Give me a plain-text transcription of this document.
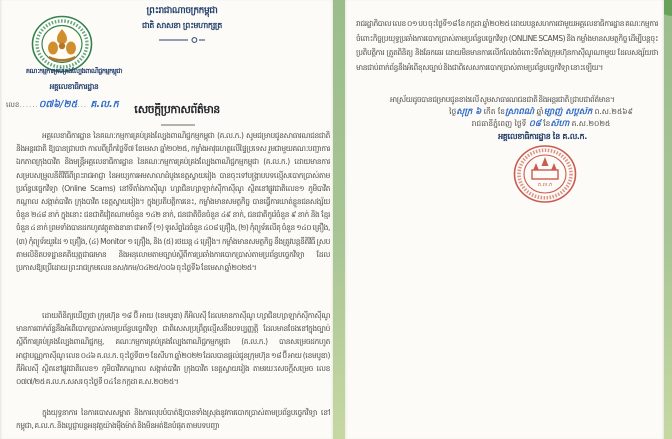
ព្រះរាជាណាចក្រកម្ពុជា
ជាតិ សាសនា ព្រះមហាក្សត្រ
គណៈកម្មការគ្រប់គ្រងល្បែងពាណិជ្ជកម្មកម្ពុជា
អគ្គលេខាធិការដ្ឋាន
លេខ......០៧៦/២៥... គ.ល.ក	សេចក្តីប្រកាសព័ត៌មាន
អគ្គលេខាធិការដ្ឋាន នៃគណៈកម្មការគ្រប់គ្រងល្បែងពាណិជ្ជកម្មកម្ពុជា (គ.ល.ក.) សូមជម្រាបជូនសាធារណជនជាតិ និងអន្តរជាតិ ឱ្យបានជ្រាបថា កាលពីព្រឹកថ្ងៃទី៧ ខែមេសា ឆ្នាំ២០២៥, កម្លាំងអាវុធហត្ថលើផ្ទៃប្រទេស រួមជាមួយគណៈបញ្ជាការឯកភាពក្រុងបាវិត និងមន្ត្រីអគ្គលេខាធិការដ្ឋាន នៃគណៈកម្មការគ្រប់គ្រងល្បែងពាណិជ្ជកម្មកម្ពុជា (គ.ល.ក.) ដោយមានការសម្របសម្រួលនីតិវិធីពីព្រះរាជអាជ្ញា នៃអយ្យការអមសាលាដំបូងខេត្តស្វាយរៀង បានចុះទៅបង្ក្រាបបទល្មើសបោកប្រាស់តាមប្រព័ន្ធបច្ចេកវិទ្យា (Online Scams) នៅទីតាំងកាស៊ីណូ ហ្សាជិនហ្សាឡាក់ស៊ីកាស៊ីណូ ស្ថិតនៅផ្លូវជាតិលេខ១ ភូមិបាវិតកណ្តាល សង្កាត់បាវិត ក្រុងបាវិត ខេត្តស្វាយរៀង។ ក្នុងប្រតិបត្តិការនេះ, កម្លាំងមានសមត្ថកិច្ច បានធ្វើការឃាត់ខ្លួនជនសង្ស័យ ចំនួន ២៤៨ នាក់ ក្នុងនោះ ជនជាតិវៀតណាមចំនួន ១៤២ នាក់, ជនជាតិចិនចំនួន ៤៩ នាក់, ជនជាតិកូរ៉េចំនួន ៩ នាក់ និង ខ្មែរចំនួន ៤ នាក់ ព្រមទាំងបានដកហូតវត្ថុតាងនានា ជាអាទិ៍ (១) ទូរស័ព្ទដៃចំនួន ៤០៨ គ្រឿង, (២) កុំព្យូទ័រលើតុ ចំនួន ១៤០ គ្រឿង, (៣) កុំព្យូទ័រយួរដៃ ១ គ្រឿង, (៤) Monitor ១ គ្រឿង, និង (៥) រថយន្ត ៤ គ្រឿង។ កម្លាំងមានសមត្ថកិច្ច នឹងត្រូវបន្តនីតិវិធី ស្របតាមលិខិតបទដ្ឋានគតិយុត្តជាធរមាន និងអនុលោមតាមច្បាប់ស្តីពីការប្រឆាំងការបោកប្រាស់តាមប្រព័ន្ធបច្ចេកវិទ្យា ដែលប្រកាសឱ្យប្រើដោយ ព្រះរាជក្រមលេខ នស/រកម/០៤២៥/០០៦ ចុះថ្ងៃទី៦ ខែមេសា ឆ្នាំ២០២៥។
ដោយពិនិត្យឃើញថា ក្រុមហ៊ុន ១៨ ប៊ី អាយ (ខេមបូឌា) ភីអិលស៊ី ដែលមានកាស៊ីណូ ហ្សាជិនហ្សាឡាក់ស៊ីកាស៊ីណូ មានការពាក់ព័ន្ធនឹងអំពើបោកប្រាស់តាមប្រព័ន្ធបច្ចេកវិទ្យា ជាពិសេសប្រព្រឹត្តល្មើសនឹងបទប្បញ្ញត្តិ ដែលមានចែងនៅក្នុងច្បាប់ស្តីពីការគ្រប់គ្រងល្បែងពាណិជ្ជកម្ម, គណៈកម្មការគ្រប់គ្រងល្បែងពាណិជ្ជកម្មកម្ពុជា (គ.ល.ក.) បានសម្រេចដកហូតអាជ្ញាបណ្ណកាស៊ីណូ លេខ ០៤៦ គ.ល.ក. ចុះថ្ងៃទី៣១ ខែសីហា ឆ្នាំ២០២២ ដែលបានផ្តល់ជូនក្រុមហ៊ុន ១៨ ប៊ី អាយ (ខេមបូឌា) ភីអិលស៊ី ស្ថិតនៅផ្លូវជាតិលេខ១ ភូមិបាវិតកណ្តាល សង្កាត់បាវិត ក្រុងបាវិត ខេត្តស្វាយរៀង តាមរយៈសេចក្តីសម្រេច លេខ ០៧៧/២៥ គ.ល.ក.សសរ ចុះថ្ងៃទី ០៤ ខែ កក្កដា គ.ស.២០២៥។
ក្នុងយុទ្ធនាការ នៃការបោសសម្អាត និងការលុបបំបាត់ឱ្យបានទាំងស្រុងនូវការបោកប្រាស់តាមប្រព័ន្ធបច្ចេកវិទ្យា នៅកម្ពុជា, គ.ល.ក. និងប្តេជ្ញាបន្តអនុវត្តយ៉ាងម៉ឺងម៉ាត់ និងមិនអត់ឱនបំផុត តាមបទបញ្ជា
រាជរដ្ឋាភិបាល លេខ ០១ បប ចុះថ្ងៃទី១៨ ខែ កក្កដា ឆ្នាំ២០២៥ ដោយបន្តសហការជាមួយអគ្គលេខាធិការដ្ឋាន គណៈកម្មការចំពោះកិច្ចប្រយុទ្ធប្រឆាំងការបោកប្រាស់តាមប្រព័ន្ធបច្ចេកវិទ្យា (ONLINE SCAMS) និង កម្លាំងមានសមត្ថកិច្ច ដើម្បីបន្តចុះប្រតិបត្តិការ ត្រួតពិនិត្យ និងឆែកឆេរ ដោយមិនមានការលើកលែងចំពោះទីតាំងក្រុមហ៊ុនកាស៊ីណូណាមួយ ដែលសង្ស័យថាមានជាប់ពាក់ព័ន្ធនឹងអំពើខុសច្បាប់ និងជាពិសេសការបោកប្រាស់តាមប្រព័ន្ធបច្ចេកវិទ្យា នោះឡើយ។
អាស្រ័យដូចបានជម្រាបជូនខាងលើ សូមសាធារណជនជាតិ និងអន្តរជាតិ ជ្រាបជាព័ត៌មាន។
ថ្ងៃសុក្រ ៦ កើត ខែស្រាពណ៍ ឆ្នាំម្សាញ់ សប្តស័ក ព.ស.២៥៦៩
រាជធានីភ្នំពេញ ថ្ងៃទី ០៨ ខែសីហា គ.ស.២០២៥
អគ្គលេខាធិការដ្ឋាន នៃ គ.ល.ក.
គ.ល.ក
